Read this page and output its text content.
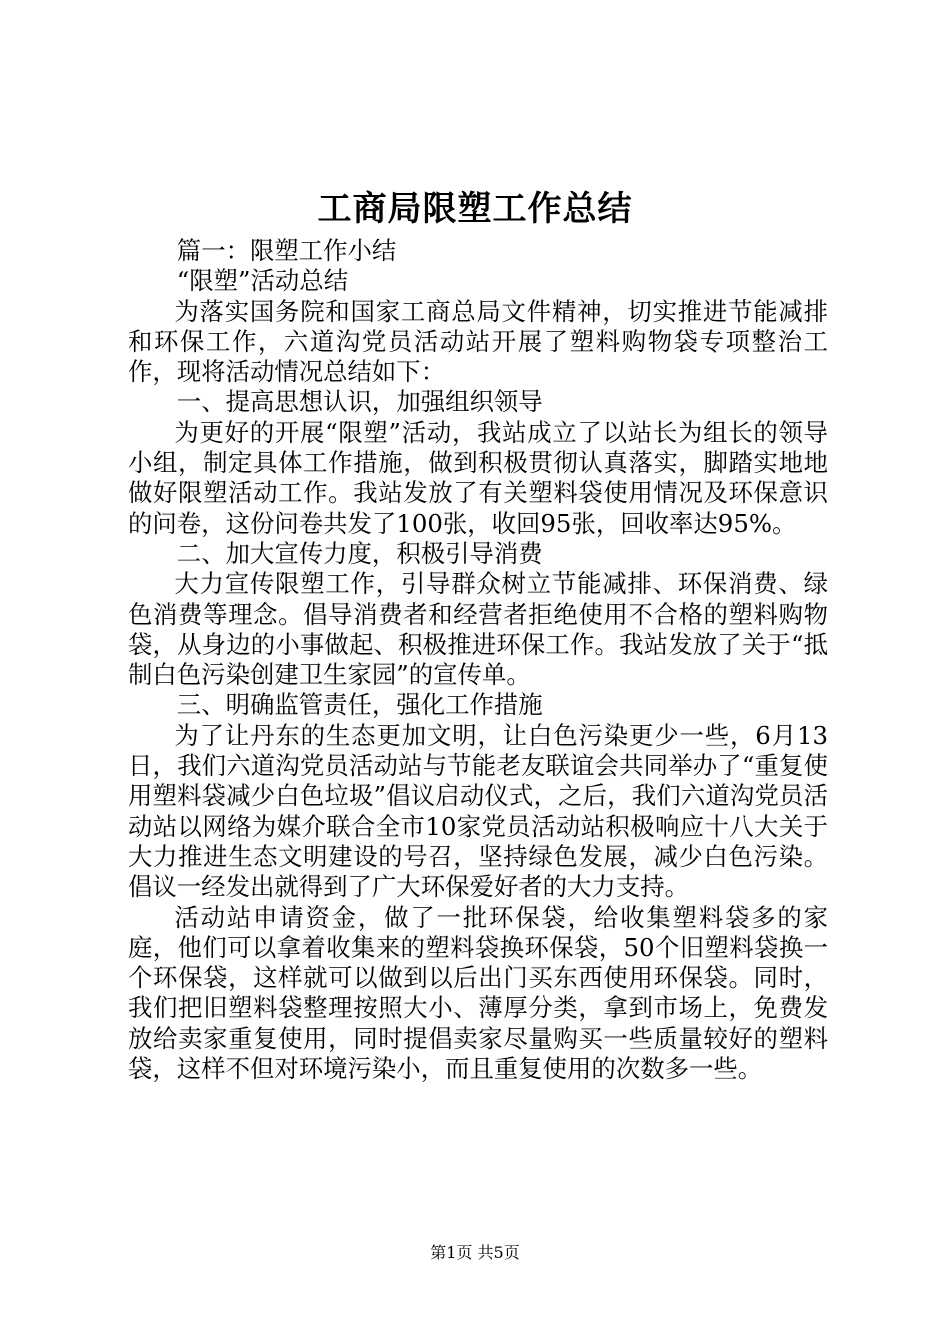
工商局限塑工作总结

篇一：限塑工作小结

“限塑”活动总结

为落实国务院和国家工商总局文件精神，切实推进节能减排和环保工作，六道沟党员活动站开展了塑料购物袋专项整治工作，现将活动情况总结如下：

一、提高思想认识，加强组织领导

为更好的开展“限塑”活动，我站成立了以站长为组长的领导小组，制定具体工作措施，做到积极贯彻认真落实，脚踏实地地做好限塑活动工作。我站发放了有关塑料袋使用情况及环保意识的问卷，这份问卷共发了100张，收回95张，回收率达95%。

二、加大宣传力度，积极引导消费

大力宣传限塑工作，引导群众树立节能减排、环保消费、绿色消费等理念。倡导消费者和经营者拒绝使用不合格的塑料购物袋，从身边的小事做起、积极推进环保工作。我站发放了关于“抵制白色污染创建卫生家园”的宣传单。

三、明确监管责任，强化工作措施

为了让丹东的生态更加文明，让白色污染更少一些，6月13日，我们六道沟党员活动站与节能老友联谊会共同举办了“重复使用塑料袋减少白色垃圾”倡议启动仪式，之后，我们六道沟党员活动站以网络为媒介联合全市10家党员活动站积极响应十八大关于大力推进生态文明建设的号召，坚持绿色发展，减少白色污染。倡议一经发出就得到了广大环保爱好者的大力支持。

活动站申请资金，做了一批环保袋，给收集塑料袋多的家庭，他们可以拿着收集来的塑料袋换环保袋，50个旧塑料袋换一个环保袋，这样就可以做到以后出门买东西使用环保袋。同时，我们把旧塑料袋整理按照大小、薄厚分类，拿到市场上，免费发放给卖家重复使用，同时提倡卖家尽量购买一些质量较好的塑料袋，这样不但对环境污染小，而且重复使用的次数多一些。

第1页 共5页
